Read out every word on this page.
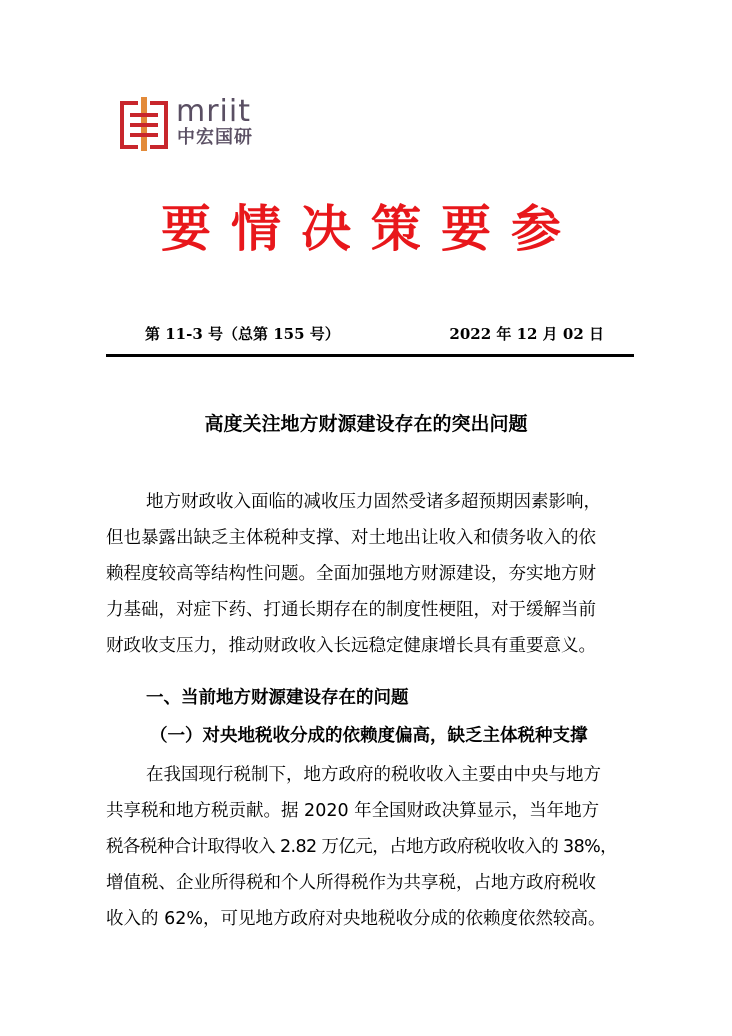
mriit
中宏国研
要情决策要参
第 11-3 号（总第 155 号）	2022 年 12 月 02 日
高度关注地方财源建设存在的突出问题
地方财政收入面临的减收压力固然受诸多超预期因素影响，
但也暴露出缺乏主体税种支撑、对土地出让收入和债务收入的依
赖程度较高等结构性问题。全面加强地方财源建设，夯实地方财
力基础，对症下药、打通长期存在的制度性梗阻，对于缓解当前
财政收支压力，推动财政收入长远稳定健康增长具有重要意义。
一、当前地方财源建设存在的问题
（一）对央地税收分成的依赖度偏高，缺乏主体税种支撑
在我国现行税制下，地方政府的税收收入主要由中央与地方
共享税和地方税贡献。据 2020 年全国财政决算显示，当年地方
税各税种合计取得收入 2.82 万亿元，占地方政府税收收入的 38%，
增值税、企业所得税和个人所得税作为共享税，占地方政府税收
收入的 62%，可见地方政府对央地税收分成的依赖度依然较高。
